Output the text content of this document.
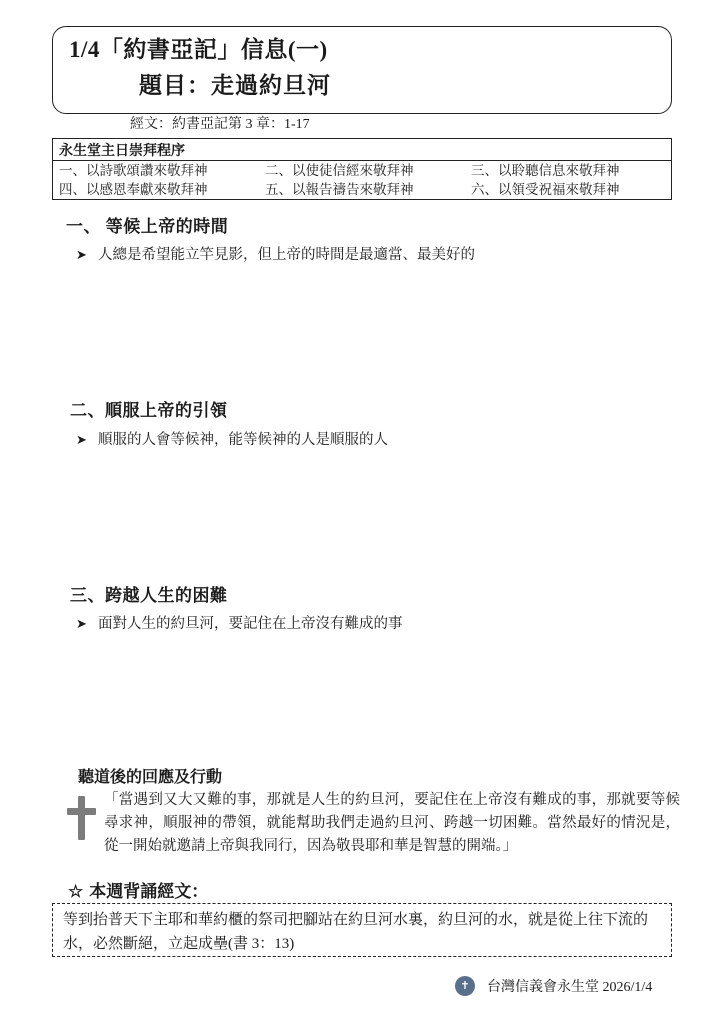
1/4「約書亞記」信息(一)
題目：走過約旦河
經文：約書亞記第 3 章：1-17
永生堂主日崇拜程序
一、以詩歌頌讚來敬拜神	二、以使徒信經來敬拜神	三、以聆聽信息來敬拜神
四、以感恩奉獻來敬拜神	五、以報告禱告來敬拜神	六、以領受祝福來敬拜神
一、 等候上帝的時間
➤ 人總是希望能立竿見影，但上帝的時間是最適當、最美好的
二、順服上帝的引領
➤ 順服的人會等候神，能等候神的人是順服的人
三、跨越人生的困難
➤ 面對人生的約旦河，要記住在上帝沒有難成的事
聽道後的回應及行動
「當遇到又大又難的事，那就是人生的約旦河，要記住在上帝沒有難成的事，那就要等候尋求神，順服神的帶領，就能幫助我們走過約旦河、跨越一切困難。當然最好的情況是，從一開始就邀請上帝與我同行，因為敬畏耶和華是智慧的開端。」
☆ 本週背誦經文：
等到抬普天下主耶和華約櫃的祭司把腳站在約旦河水裏，約旦河的水，就是從上往下流的水，必然斷絕，立起成壘(書 3：13)
✝	台灣信義會永生堂 2026/1/4
